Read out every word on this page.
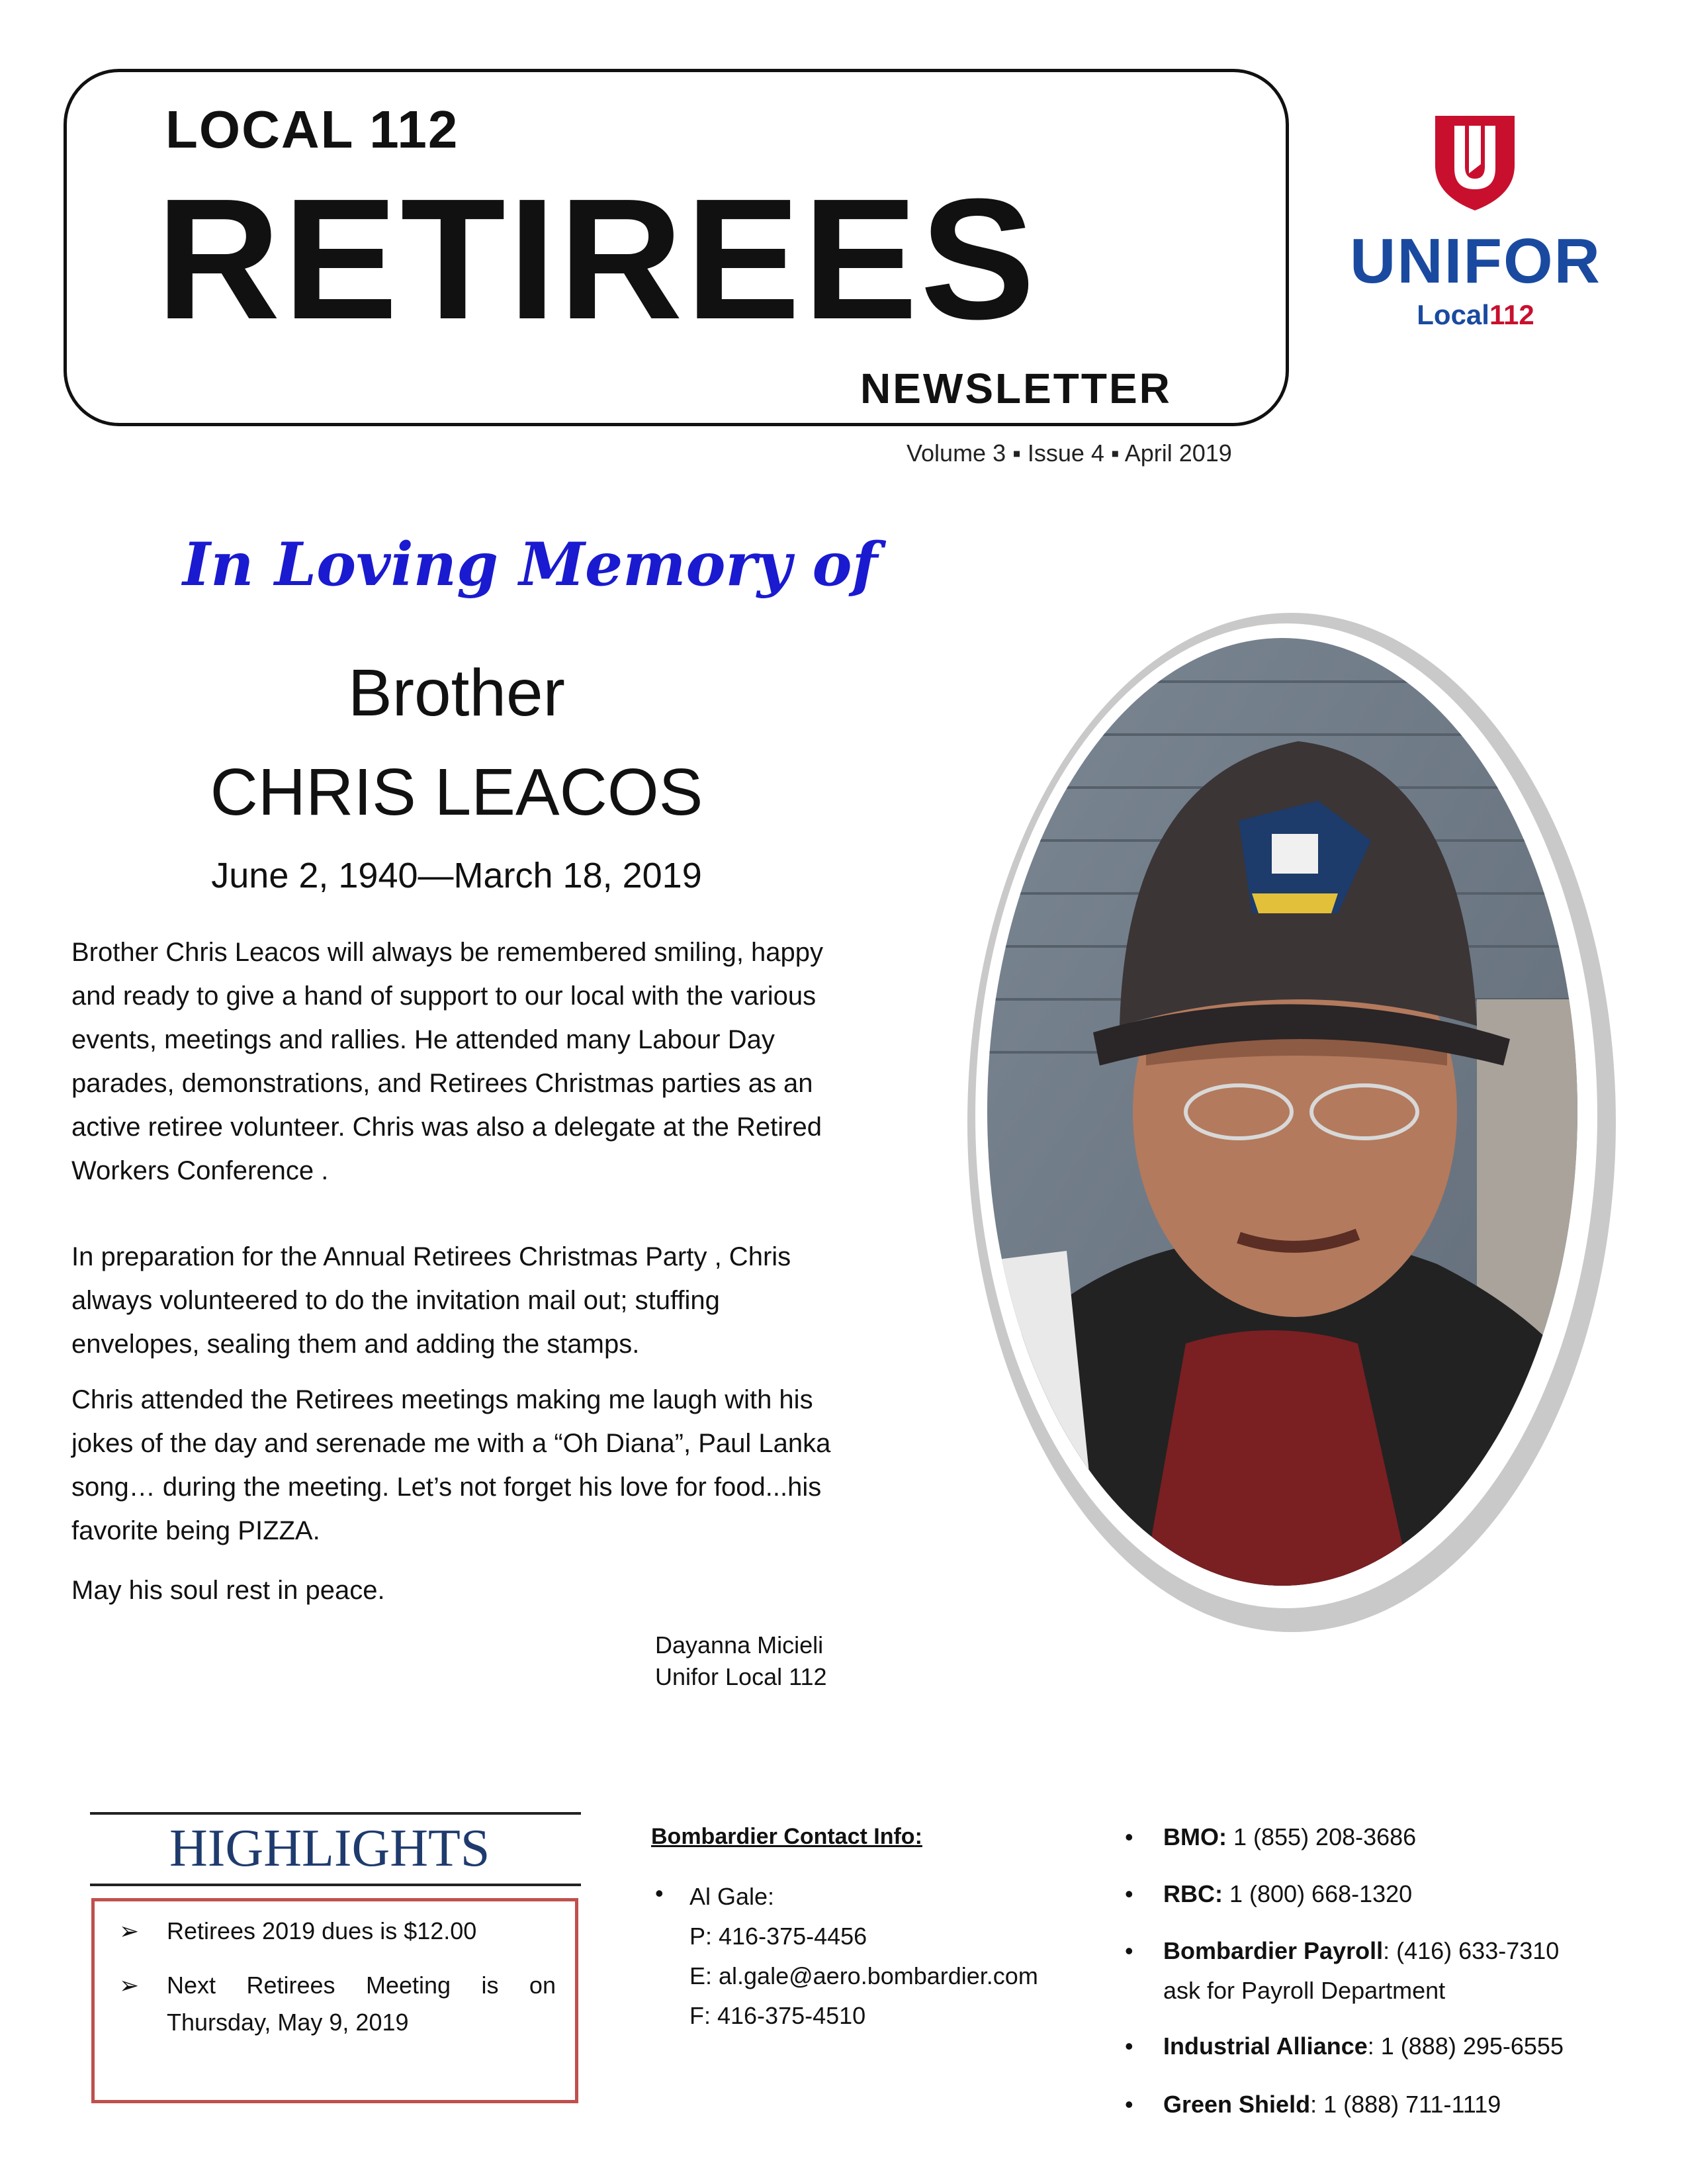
LOCAL 112
RETIREES
NEWSLETTER
Volume 3 ▪ Issue 4 ▪ April 2019
UNIFOR
Local112
In Loving Memory of
Brother
CHRIS LEACOS
June 2, 1940—March 18, 2019

Brother Chris Leacos will always be remembered smiling, happy and ready to give a hand of support to our local with the various events, meetings and rallies. He attended many Labour Day parades, demonstrations, and Retirees Christmas parties as an active retiree volunteer. Chris was also a delegate at the Retired Workers Conference .

In preparation for the Annual Retirees Christmas Party , Chris always volunteered to do the invitation mail out; stuffing envelopes, sealing them and adding the stamps.

Chris attended the Retirees meetings making me laugh with his jokes of the day and serenade me with a “Oh Diana”, Paul Lanka song… during the meeting. Let’s not forget his love for food...his favorite being PIZZA.

May his soul rest in peace.

Dayanna Micieli
Unifor Local 112
HIGHLIGHTS
➢	Retirees 2019 dues is $12.00
➢ Next Retirees Meeting is on
Thursday, May 9, 2019
Bombardier Contact Info:
• Al Gale:
P: 416-375-4456
E: al.gale@aero.bombardier.com
F: 416-375-4510
•	BMO: 1 (855) 208-3686
•	RBC: 1 (800) 668-1320
•	Bombardier Payroll: (416) 633-7310
ask for Payroll Department
•	Industrial Alliance: 1 (888) 295-6555
•	Green Shield: 1 (888) 711-1119
